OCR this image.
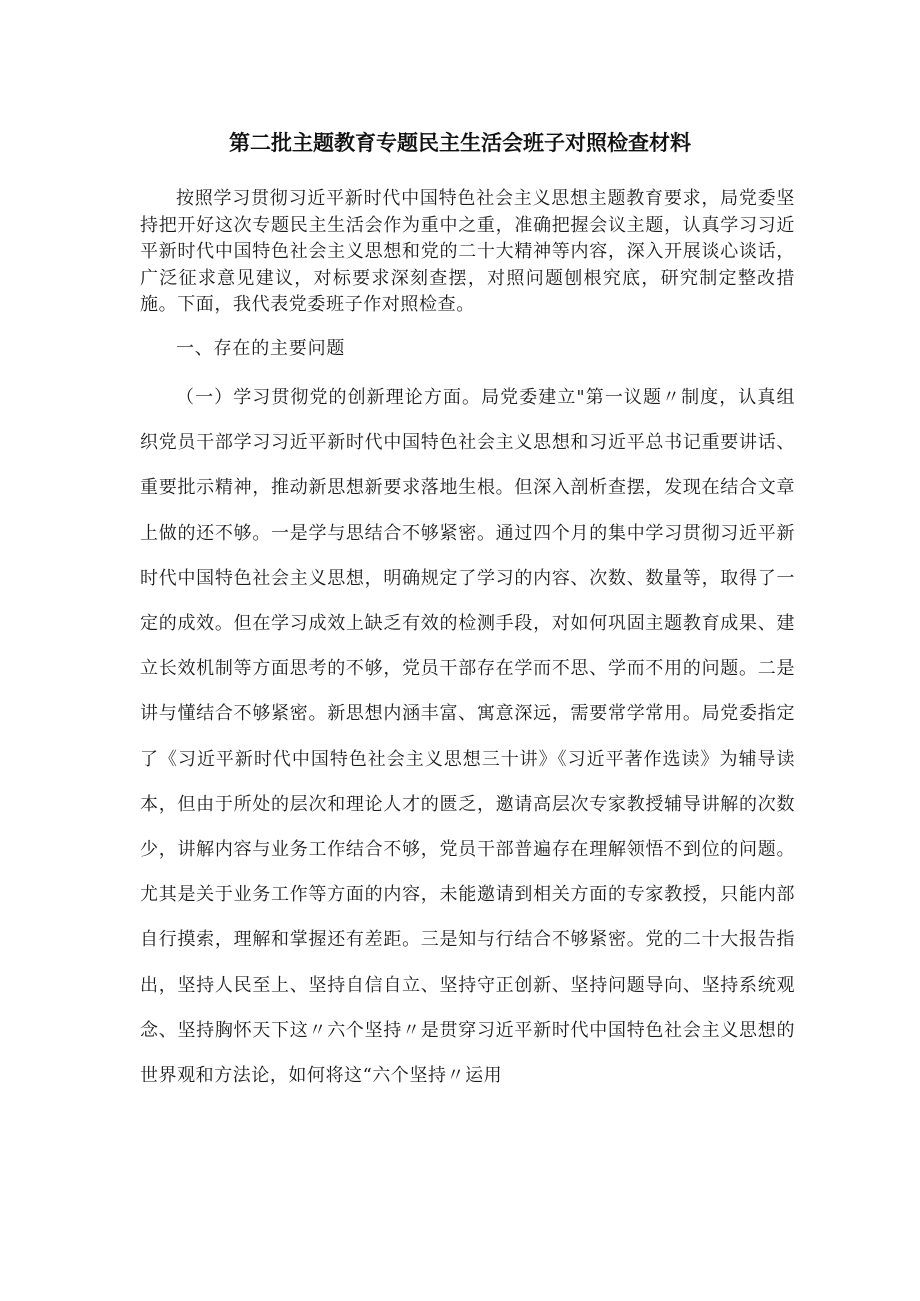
第二批主题教育专题民主生活会班子对照检查材料

按照学习贯彻习近平新时代中国特色社会主义思想主题教育要求，局党委坚持把开好这次专题民主生活会作为重中之重，准确把握会议主题，认真学习习近平新时代中国特色社会主义思想和党的二十大精神等内容，深入开展谈心谈话，广泛征求意见建议，对标要求深刻查摆，对照问题刨根究底，研究制定整改措施。下面，我代表党委班子作对照检查。

一、存在的主要问题

（一）学习贯彻党的创新理论方面。局党委建立"第一议题〃制度，认真组织党员干部学习习近平新时代中国特色社会主义思想和习近平总书记重要讲话、重要批示精神，推动新思想新要求落地生根。但深入剖析查摆，发现在结合文章上做的还不够。一是学与思结合不够紧密。通过四个月的集中学习贯彻习近平新时代中国特色社会主义思想，明确规定了学习的内容、次数、数量等，取得了一定的成效。但在学习成效上缺乏有效的检测手段，对如何巩固主题教育成果、建立长效机制等方面思考的不够，党员干部存在学而不思、学而不用的问题。二是讲与懂结合不够紧密。新思想内涵丰富、寓意深远，需要常学常用。局党委指定了《习近平新时代中国特色社会主义思想三十讲》《习近平著作选读》为辅导读本，但由于所处的层次和理论人才的匮乏，邀请高层次专家教授辅导讲解的次数少，讲解内容与业务工作结合不够，党员干部普遍存在理解领悟不到位的问题。尤其是关于业务工作等方面的内容，未能邀请到相关方面的专家教授，只能内部自行摸索，理解和掌握还有差距。三是知与行结合不够紧密。党的二十大报告指出，坚持人民至上、坚持自信自立、坚持守正创新、坚持问题导向、坚持系统观念、坚持胸怀天下这〃六个坚持〃是贯穿习近平新时代中国特色社会主义思想的世界观和方法论，如何将这“六个坚持〃运用
